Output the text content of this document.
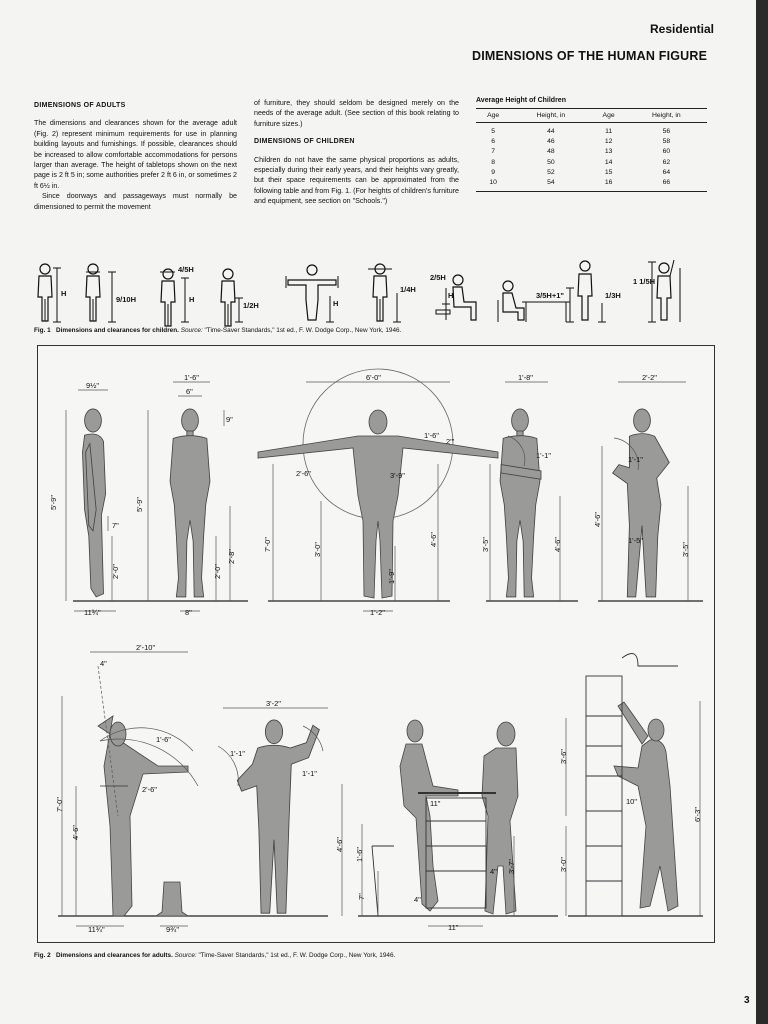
Residential
DIMENSIONS OF THE HUMAN FIGURE

DIMENSIONS OF ADULTS

The dimensions and clearances shown for the average adult (Fig. 2) represent minimum requirements for use in planning building layouts and furnishings. If possible, clearances should be increased to allow comfortable accommodations for persons larger than average. The height of tabletops shown on the next page is 2 ft 5 in; some authorities prefer 2 ft 6 in, or sometimes 2 ft 6½ in.

Since doorways and passageways must normally be dimensioned to permit the movement

of furniture, they should seldom be designed merely on the needs of the average adult. (See section of this book relating to furniture sizes.)

DIMENSIONS OF CHILDREN

Children do not have the same physical proportions as adults, especially during their early years, and their heights vary greatly, but their space requirements can be approximated from the following table and from Fig. 1. (For heights of children's furniture and equipment, see section on "Schools.")

Average Height of Children
Age	Height, in	Age	Height, in
5	44	11	56
6	46	12	58
7	48	13	60
8	50	14	62
9	52	15	64
10	54	16	66
H
9/10H
4/5H
H
1/2H	H
1/4H
2/5H
H	3/5H+1"	1/3H
1 1/5H
Fig. 1 Dimensions and clearances for children. Source: "Time-Saver Standards," 1st ed., F. W. Dodge Corp., New York, 1946.
9½"
5'-9"
7"
2'-0"
11¾"
1'-6"
6"
9"
5'-9"
2'-0"
2'-8"
8"
6'-0"
1'-6"
2'"
2'-6"	3'-9"
7'-0"	3'-0"
1'-9"
4'-6"
1'-2"
1'-8"
1'-1"
3'-5"	4'-6"
2'-2"
1'-1"
4'-6"
1'-5"
3'-5"
2'-10"
4"
1'-6"
2'-6"
7'-0"
4'-6"
11¾"	9¾"
3'-2"
1'-1"
1'-1"
4'-6"
11"
1'-6"
7"
4" 3'-7"
11"
4"
3'-6"
3'-0"
10"
6'-3"
Fig. 2 Dimensions and clearances for adults. Source: "Time-Saver Standards," 1st ed., F. W. Dodge Corp., New York, 1946.
3
